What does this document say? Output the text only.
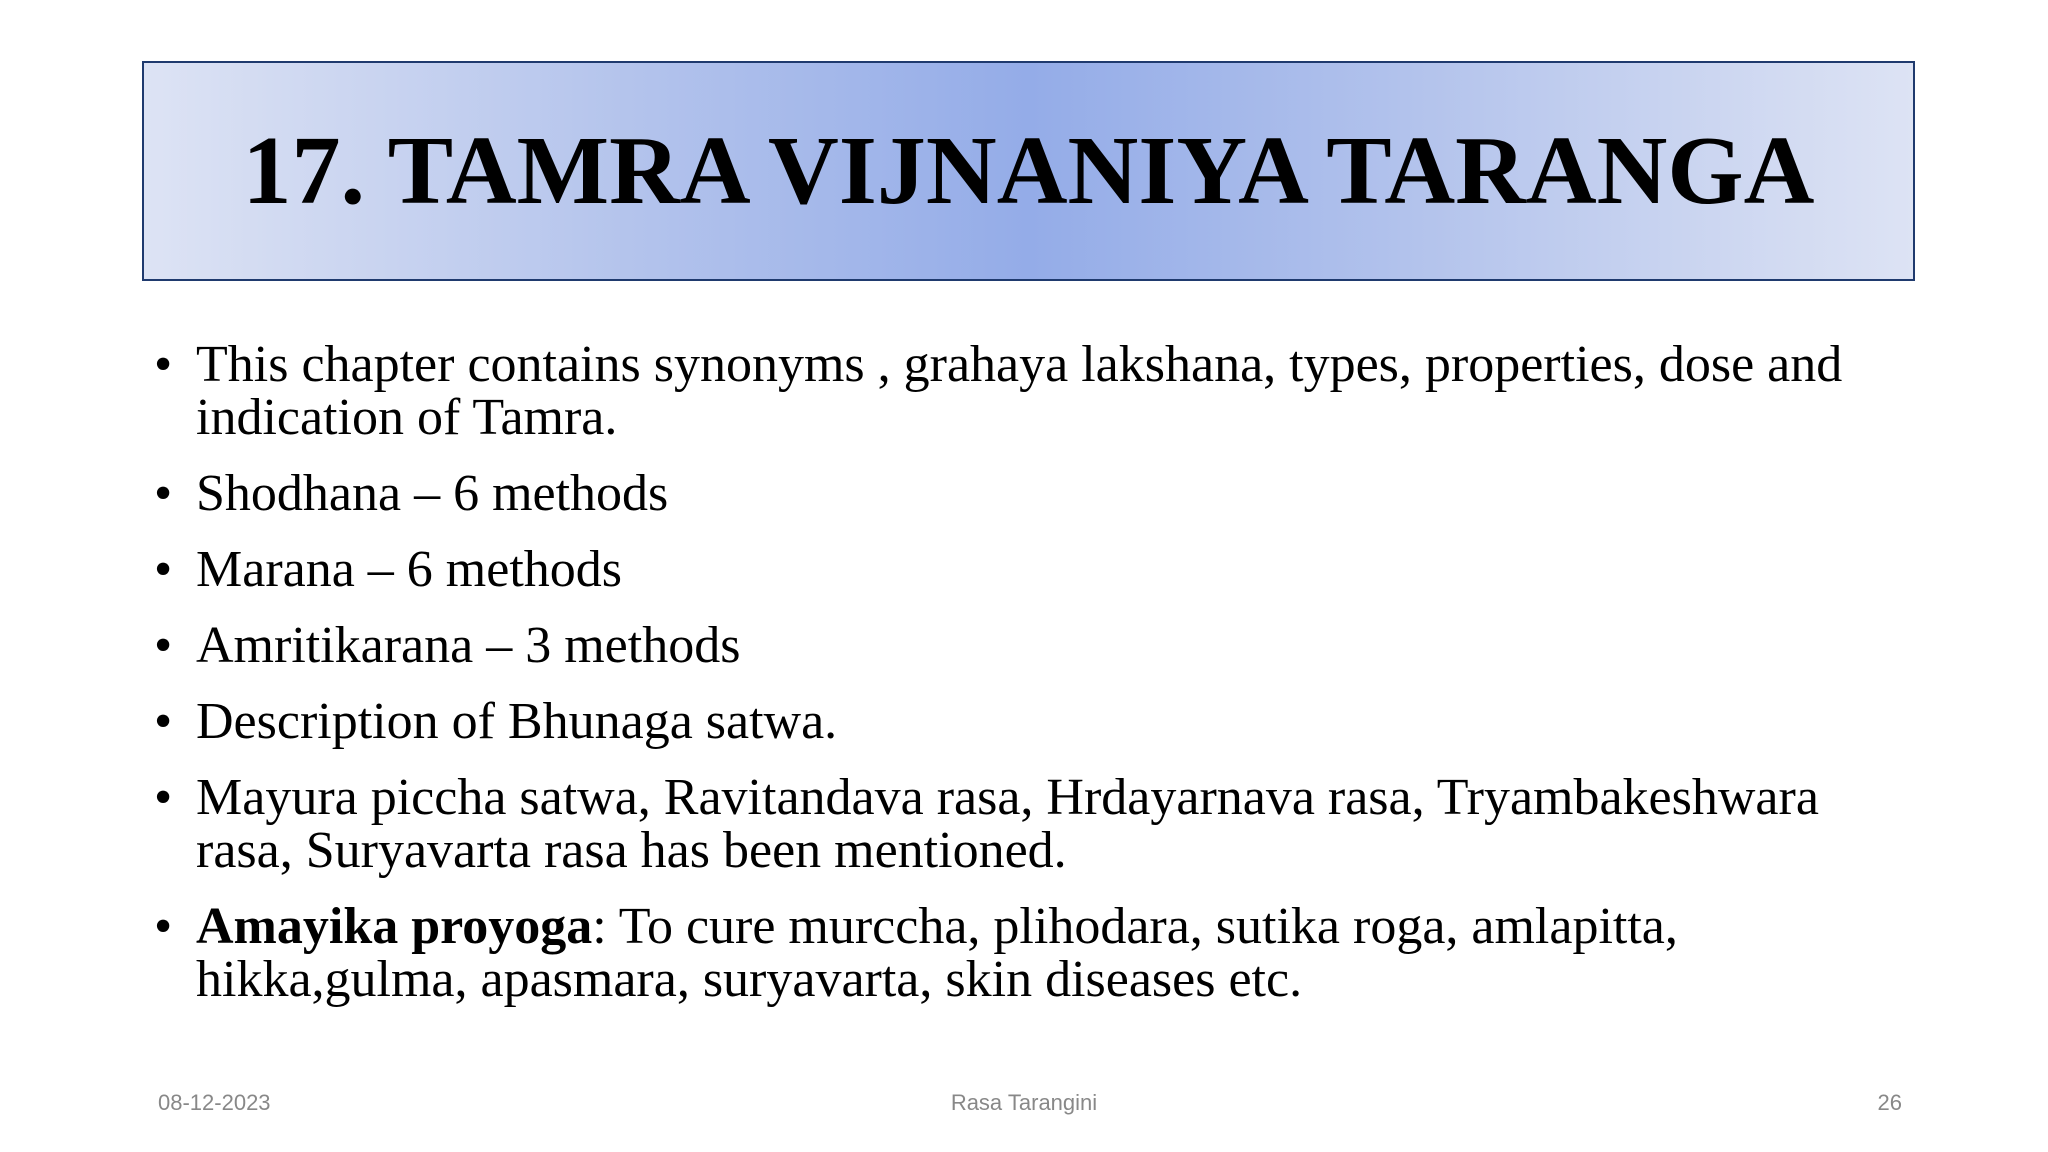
17. TAMRA VIJNANIYA TARANGA
• This chapter contains synonyms , grahaya lakshana, types, properties, dose and indication of Tamra.
• Shodhana – 6 methods
• Marana – 6 methods
• Amritikarana – 3 methods
• Description of Bhunaga satwa.
• Mayura piccha satwa, Ravitandava rasa, Hrdayarnava rasa, Tryambakeshwara rasa, Suryavarta rasa has been mentioned.
• Amayika proyoga: To cure murccha, plihodara, sutika roga, amlapitta, hikka,gulma, apasmara, suryavarta, skin diseases etc.
08-12-2023	Rasa Tarangini	26
